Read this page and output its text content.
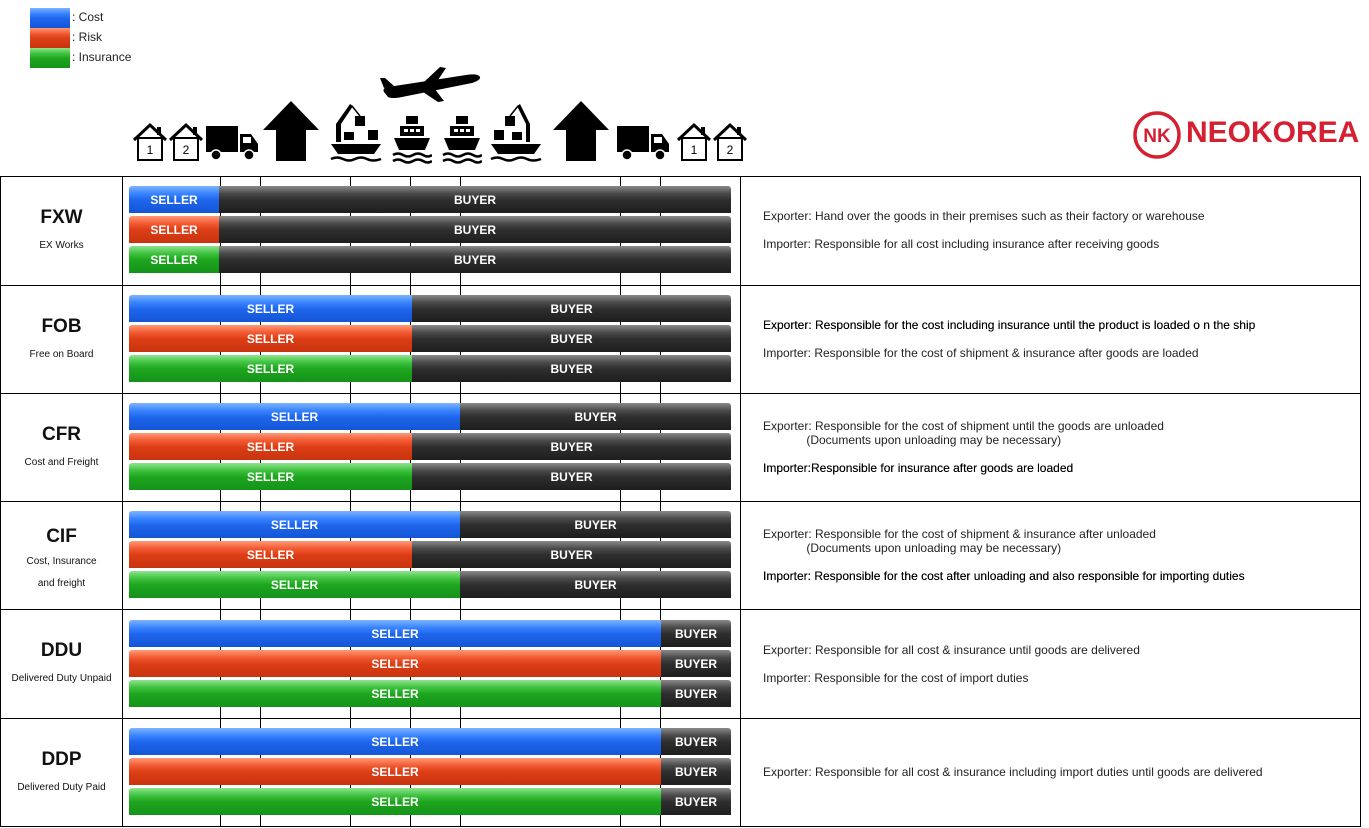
: Cost
: Risk
: Insurance
1 2	1 2
NK NEOKOREA
FXW
EX Works
SELLER	BUYER
SELLER	BUYER
SELLER	BUYER
Exporter: Hand over the goods in their premises such as their factory or warehouse
Importer: Responsible for all cost including insurance after receiving goods
FOB
Free on Board
SELLER	BUYER
SELLER	BUYER
SELLER	BUYER
Exporter: Responsible for the cost including insurance until the product is loaded o n the ship
Importer: Responsible for the cost of shipment & insurance after goods are loaded
CFR
Cost and Freight
SELLER	BUYER
SELLER	BUYER
SELLER	BUYER
Exporter: Responsible for the cost of shipment until the goods are unloaded
(Documents upon unloading may be necessary)
Importer:Responsible for insurance after goods are loaded
CIF
Cost, Insurance
and freight
SELLER	BUYER
SELLER	BUYER
SELLER	BUYER
Exporter: Responsible for the cost of shipment & insurance after unloaded
(Documents upon unloading may be necessary)
Importer: Responsible for the cost after unloading and also responsible for importing duties
DDU
Delivered Duty Unpaid
SELLER	BUYER
SELLER	BUYER
SELLER	BUYER
Exporter: Responsible for all cost & insurance until goods are delivered
Importer: Responsible for the cost of import duties
DDP
Delivered Duty Paid
SELLER	BUYER
SELLER	BUYER
SELLER	BUYER
Exporter: Responsible for all cost & insurance including import duties until goods are delivered
